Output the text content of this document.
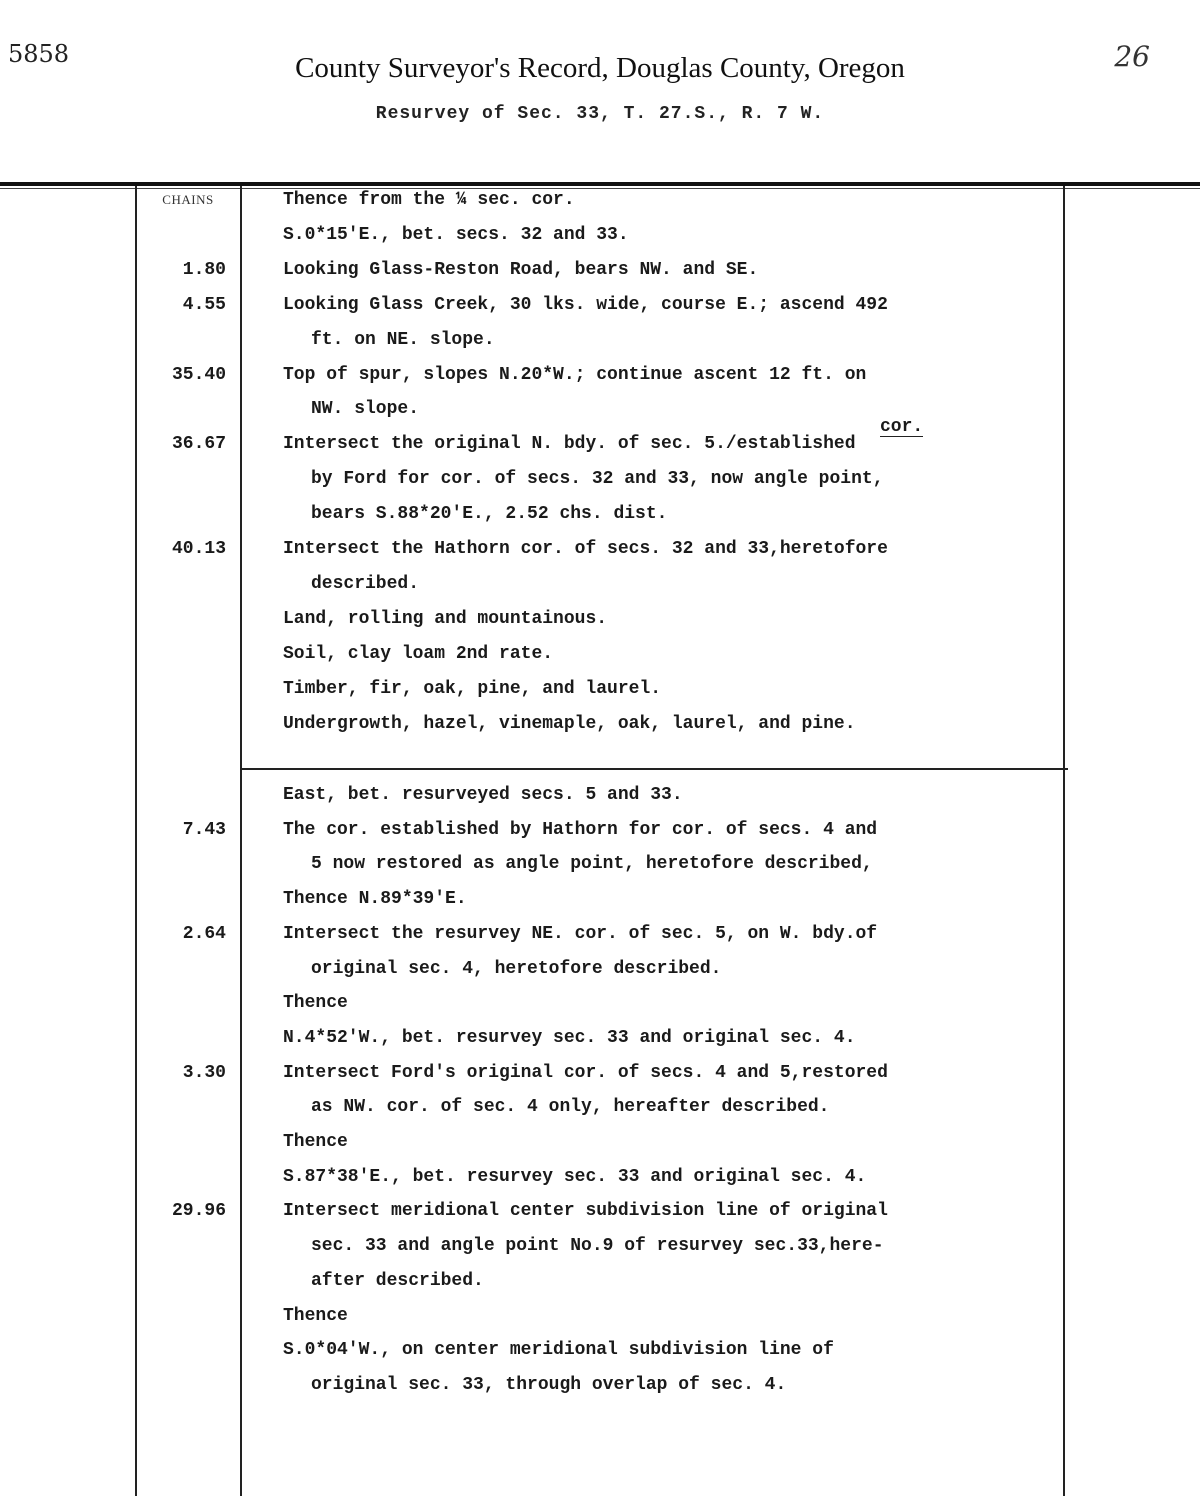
5858	County Surveyor's Record, Douglas County, Oregon	26
Resurvey of Sec. 33, T. 27.S., R. 7 W.
CHAINS
cor.
Thence from the ¼ sec. cor.
S.0*15'E., bet. secs. 32 and 33.
1.80	Looking Glass-Reston Road, bears NW. and SE.
4.55	Looking Glass Creek, 30 lks. wide, course E.; ascend 492
ft. on NE. slope.
35.40	Top of spur, slopes N.20*W.; continue ascent 12 ft. on
NW. slope.
36.67	Intersect the original N. bdy. of sec. 5./established
by Ford for cor. of secs. 32 and 33, now angle point,
bears S.88*20'E., 2.52 chs. dist.
40.13	Intersect the Hathorn cor. of secs. 32 and 33,heretofore
described.
Land, rolling and mountainous.
Soil, clay loam 2nd rate.
Timber, fir, oak, pine, and laurel.
Undergrowth, hazel, vinemaple, oak, laurel, and pine.
East, bet. resurveyed secs. 5 and 33.
7.43	The cor. established by Hathorn for cor. of secs. 4 and
5 now restored as angle point, heretofore described,
Thence N.89*39'E.
2.64	Intersect the resurvey NE. cor. of sec. 5, on W. bdy.of
original sec. 4, heretofore described.
Thence
N.4*52'W., bet. resurvey sec. 33 and original sec. 4.
3.30	Intersect Ford's original cor. of secs. 4 and 5,restored
as NW. cor. of sec. 4 only, hereafter described.
Thence
S.87*38'E., bet. resurvey sec. 33 and original sec. 4.
29.96	Intersect meridional center subdivision line of original
sec. 33 and angle point No.9 of resurvey sec.33,here-
after described.
Thence
S.0*04'W., on center meridional subdivision line of
original sec. 33, through overlap of sec. 4.
